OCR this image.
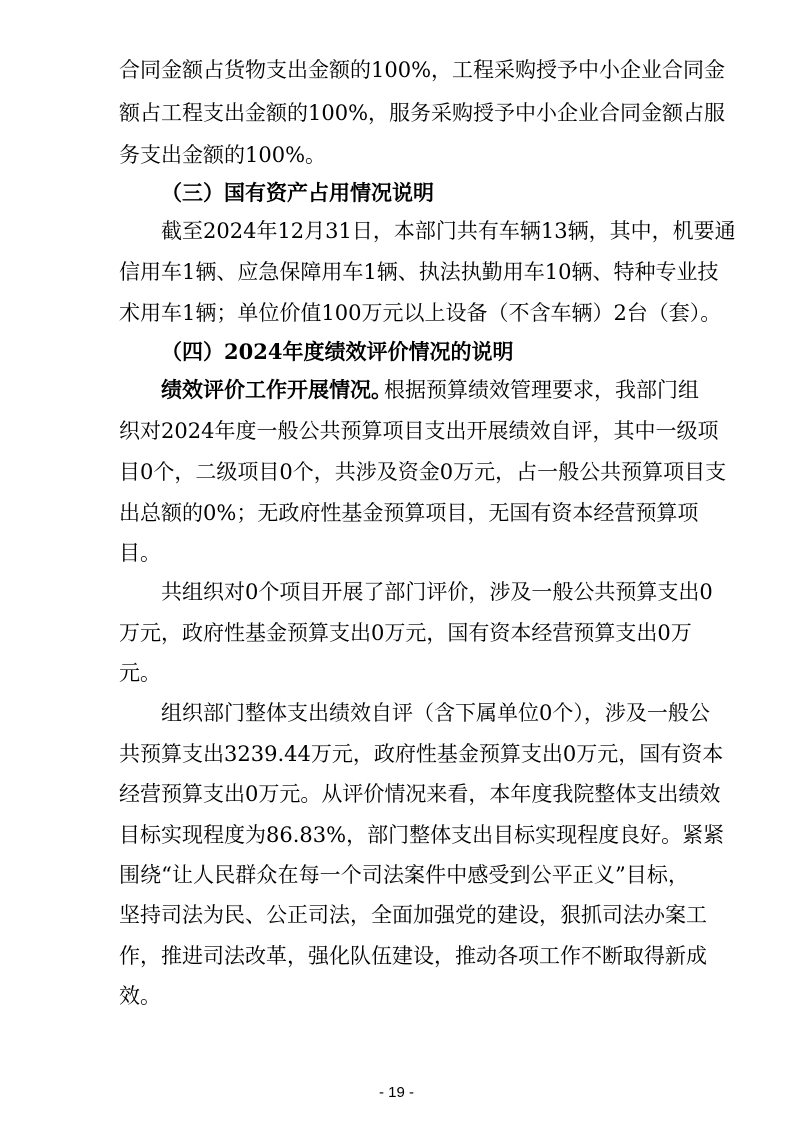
合同金额占货物支出金额的100%，工程采购授予中小企业合同金
额占工程支出金额的100%，服务采购授予中小企业合同金额占服
务支出金额的100%。
（三）国有资产占用情况说明
截至2024年12月31日，本部门共有车辆13辆，其中，机要通
信用车1辆、应急保障用车1辆、执法执勤用车10辆、特种专业技
术用车1辆；单位价值100万元以上设备（不含车辆）2台（套）。
（四）2024年度绩效评价情况的说明
绩效评价工作开展情况。
根据预算绩效管理要求，我部门组
织对2024年度一般公共预算项目支出开展绩效自评，其中一级项
目0个，二级项目0个，共涉及资金0万元，占一般公共预算项目支
出总额的0%；无政府性基金预算项目，无国有资本经营预算项
目。
共组织对0个项目开展了部门评价，涉及一般公共预算支出0
万元，政府性基金预算支出0万元，国有资本经营预算支出0万
元。
组织部门整体支出绩效自评（含下属单位0个），涉及一般公
共预算支出3239.44万元，政府性基金预算支出0万元，国有资本
经营预算支出0万元。从评价情况来看，本年度我院整体支出绩效
目标实现程度为86.83%，部门整体支出目标实现程度良好。紧紧
围绕“让人民群众在每一个司法案件中感受到公平正义”目标，
坚持司法为民、公正司法，全面加强党的建设，狠抓司法办案工
作，推进司法改革，强化队伍建设，推动各项工作不断取得新成
效。
- 19 -
